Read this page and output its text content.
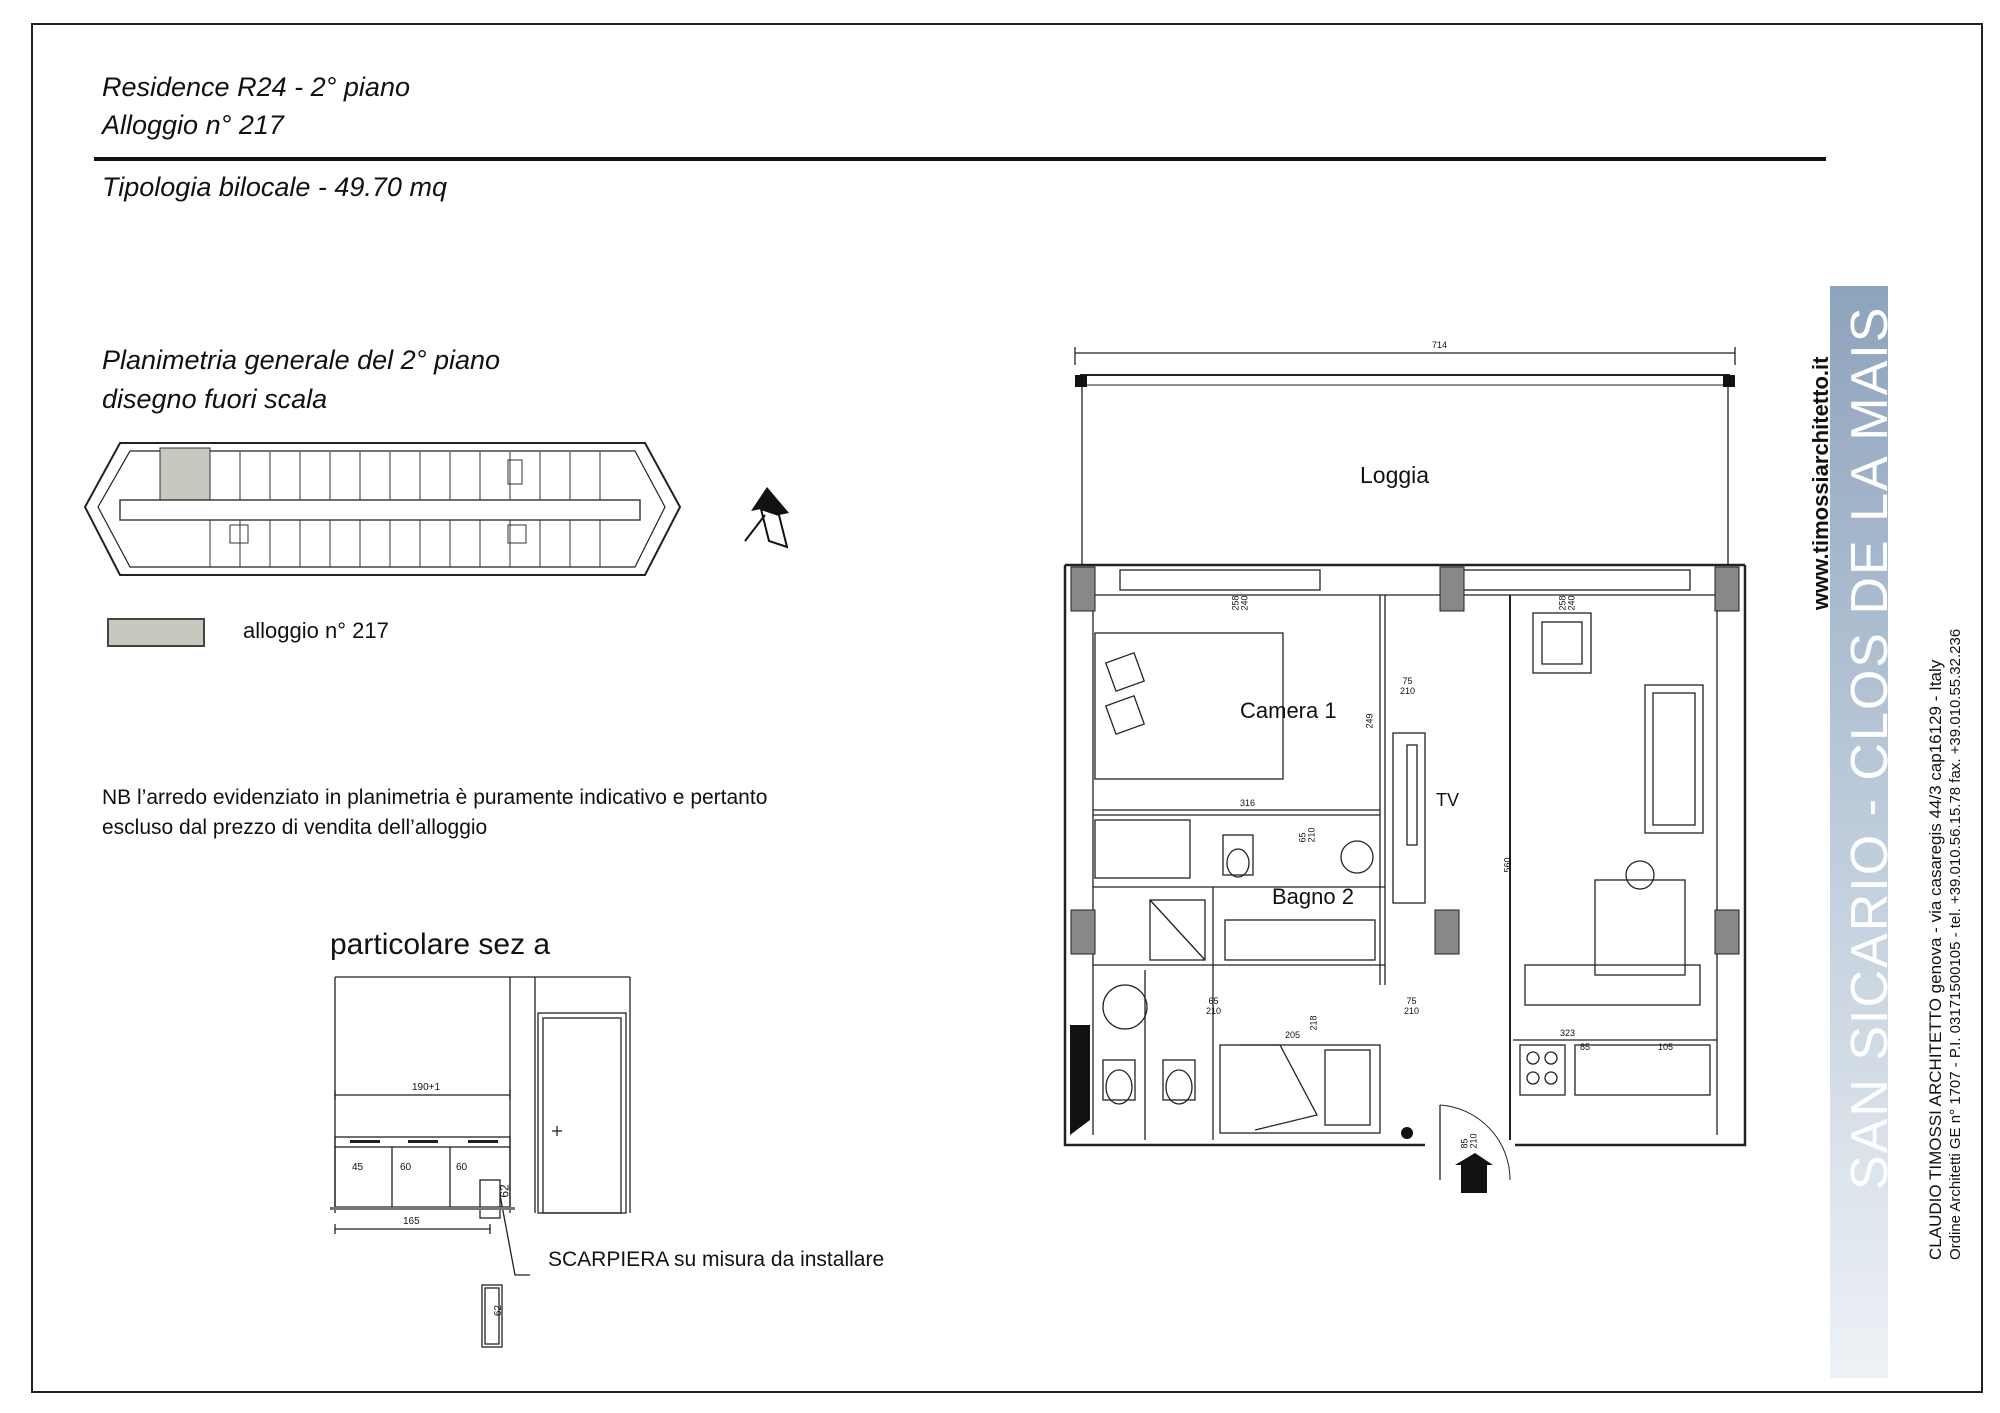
Residence R24 - 2° piano
Alloggio n° 217
Tipologia bilocale - 49.70 mq
Planimetria generale del 2° piano
disegno fuori scala
alloggio n° 217
NB l’arredo evidenziato in planimetria è puramente indicativo e pertanto
escluso dal prezzo di vendita dell’alloggio
particolare sez a
190+1
45	60	60
62
165
62
SCARPIERA su misura da installare
714
Loggia
Camera 1
Bagno 2
TV
258
240	258
240
75
210
75
210
65
210
65
210
316
249
560
218
205	323
85	105
85
210
www.timossiarchitetto.it SAN SICARIO - CLOS DE LA MAIS CLAUDIO TIMOSSI ARCHITETTO genova - via casaregis 44/3 cap16129 - Italy Ordine Architetti GE n° 1707 - P.I. 03171500105 - tel. +39.010.56.15.78 fax. +39.010.55.32.236
